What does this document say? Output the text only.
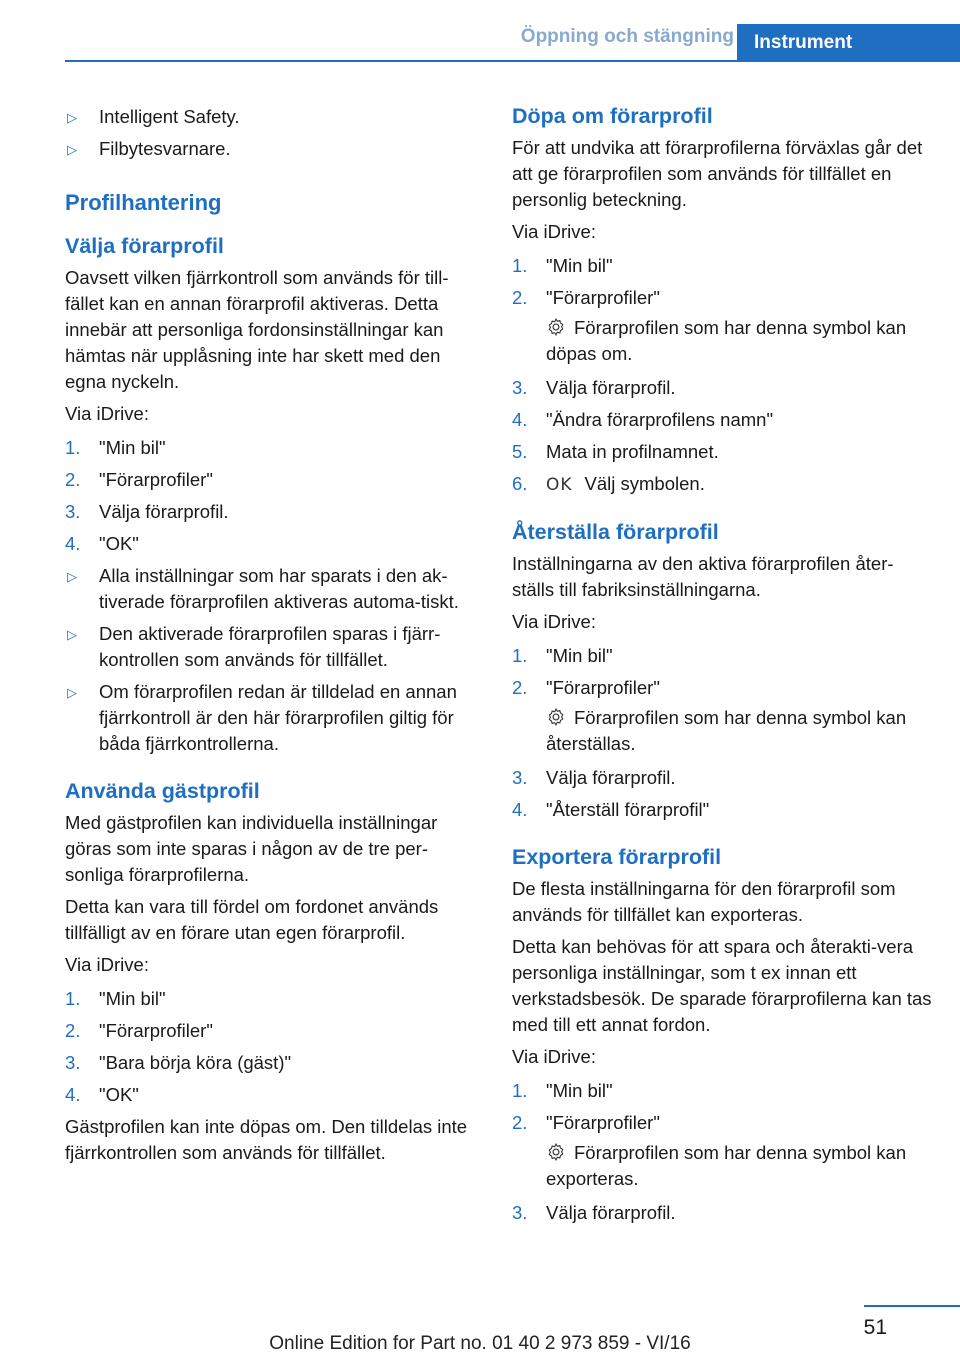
Öppning och stängning	Instrument
▷ Intelligent Safety.
▷ Filbytesvarnare.
Profilhantering
Välja förarprofil

Oavsett vilken fjärrkontroll som används för till-fället kan en annan förarprofil aktiveras. Detta innebär att personliga fordonsinställningar kan hämtas när upplåsning inte har skett med den egna nyckeln.

Via iDrive:

1. "Min bil"
2. "Förarprofiler"
3. Välja förarprofil.
4. "OK"
▷ Alla inställningar som har sparats i den ak-tiverade förarprofilen aktiveras automa-tiskt.
▷ Den aktiverade förarprofilen sparas i fjärr-kontrollen som används för tillfället.
▷ Om förarprofilen redan är tilldelad en annan fjärrkontroll är den här förarprofilen giltig för båda fjärrkontrollerna.
Använda gästprofil

Med gästprofilen kan individuella inställningar göras som inte sparas i någon av de tre per-sonliga förarprofilerna.

Detta kan vara till fördel om fordonet används tillfälligt av en förare utan egen förarprofil.

Via iDrive:

1. "Min bil"
2. "Förarprofiler"
3. "Bara börja köra (gäst)"
4. "OK"

Gästprofilen kan inte döpas om. Den tilldelas inte fjärrkontrollen som används för tillfället.

Döpa om förarprofil

För att undvika att förarprofilerna förväxlas går det att ge förarprofilen som används för tillfället en personlig beteckning.

Via iDrive:

1. "Min bil"
2. "Förarprofiler"
Förarprofilen som har denna symbol kan döpas om.
3. Välja förarprofil.
4. "Ändra förarprofilens namn"
5. Mata in profilnamnet.
6. OK Välj symbolen.
Återställa förarprofil

Inställningarna av den aktiva förarprofilen åter-ställs till fabriksinställningarna.

Via iDrive:

1. "Min bil"
2. "Förarprofiler"
Förarprofilen som har denna symbol kan återställas.
3. Välja förarprofil.
4. "Återställ förarprofil"
Exportera förarprofil

De flesta inställningarna för den förarprofil som används för tillfället kan exporteras.

Detta kan behövas för att spara och återakti-vera personliga inställningar, som t ex innan ett verkstadsbesök. De sparade förarprofilerna kan tas med till ett annat fordon.

Via iDrive:

1. "Min bil"
2. "Förarprofiler"
Förarprofilen som har denna symbol kan exporteras.
3. Välja förarprofil.
51
Online Edition for Part no. 01 40 2 973 859 - VI/16
